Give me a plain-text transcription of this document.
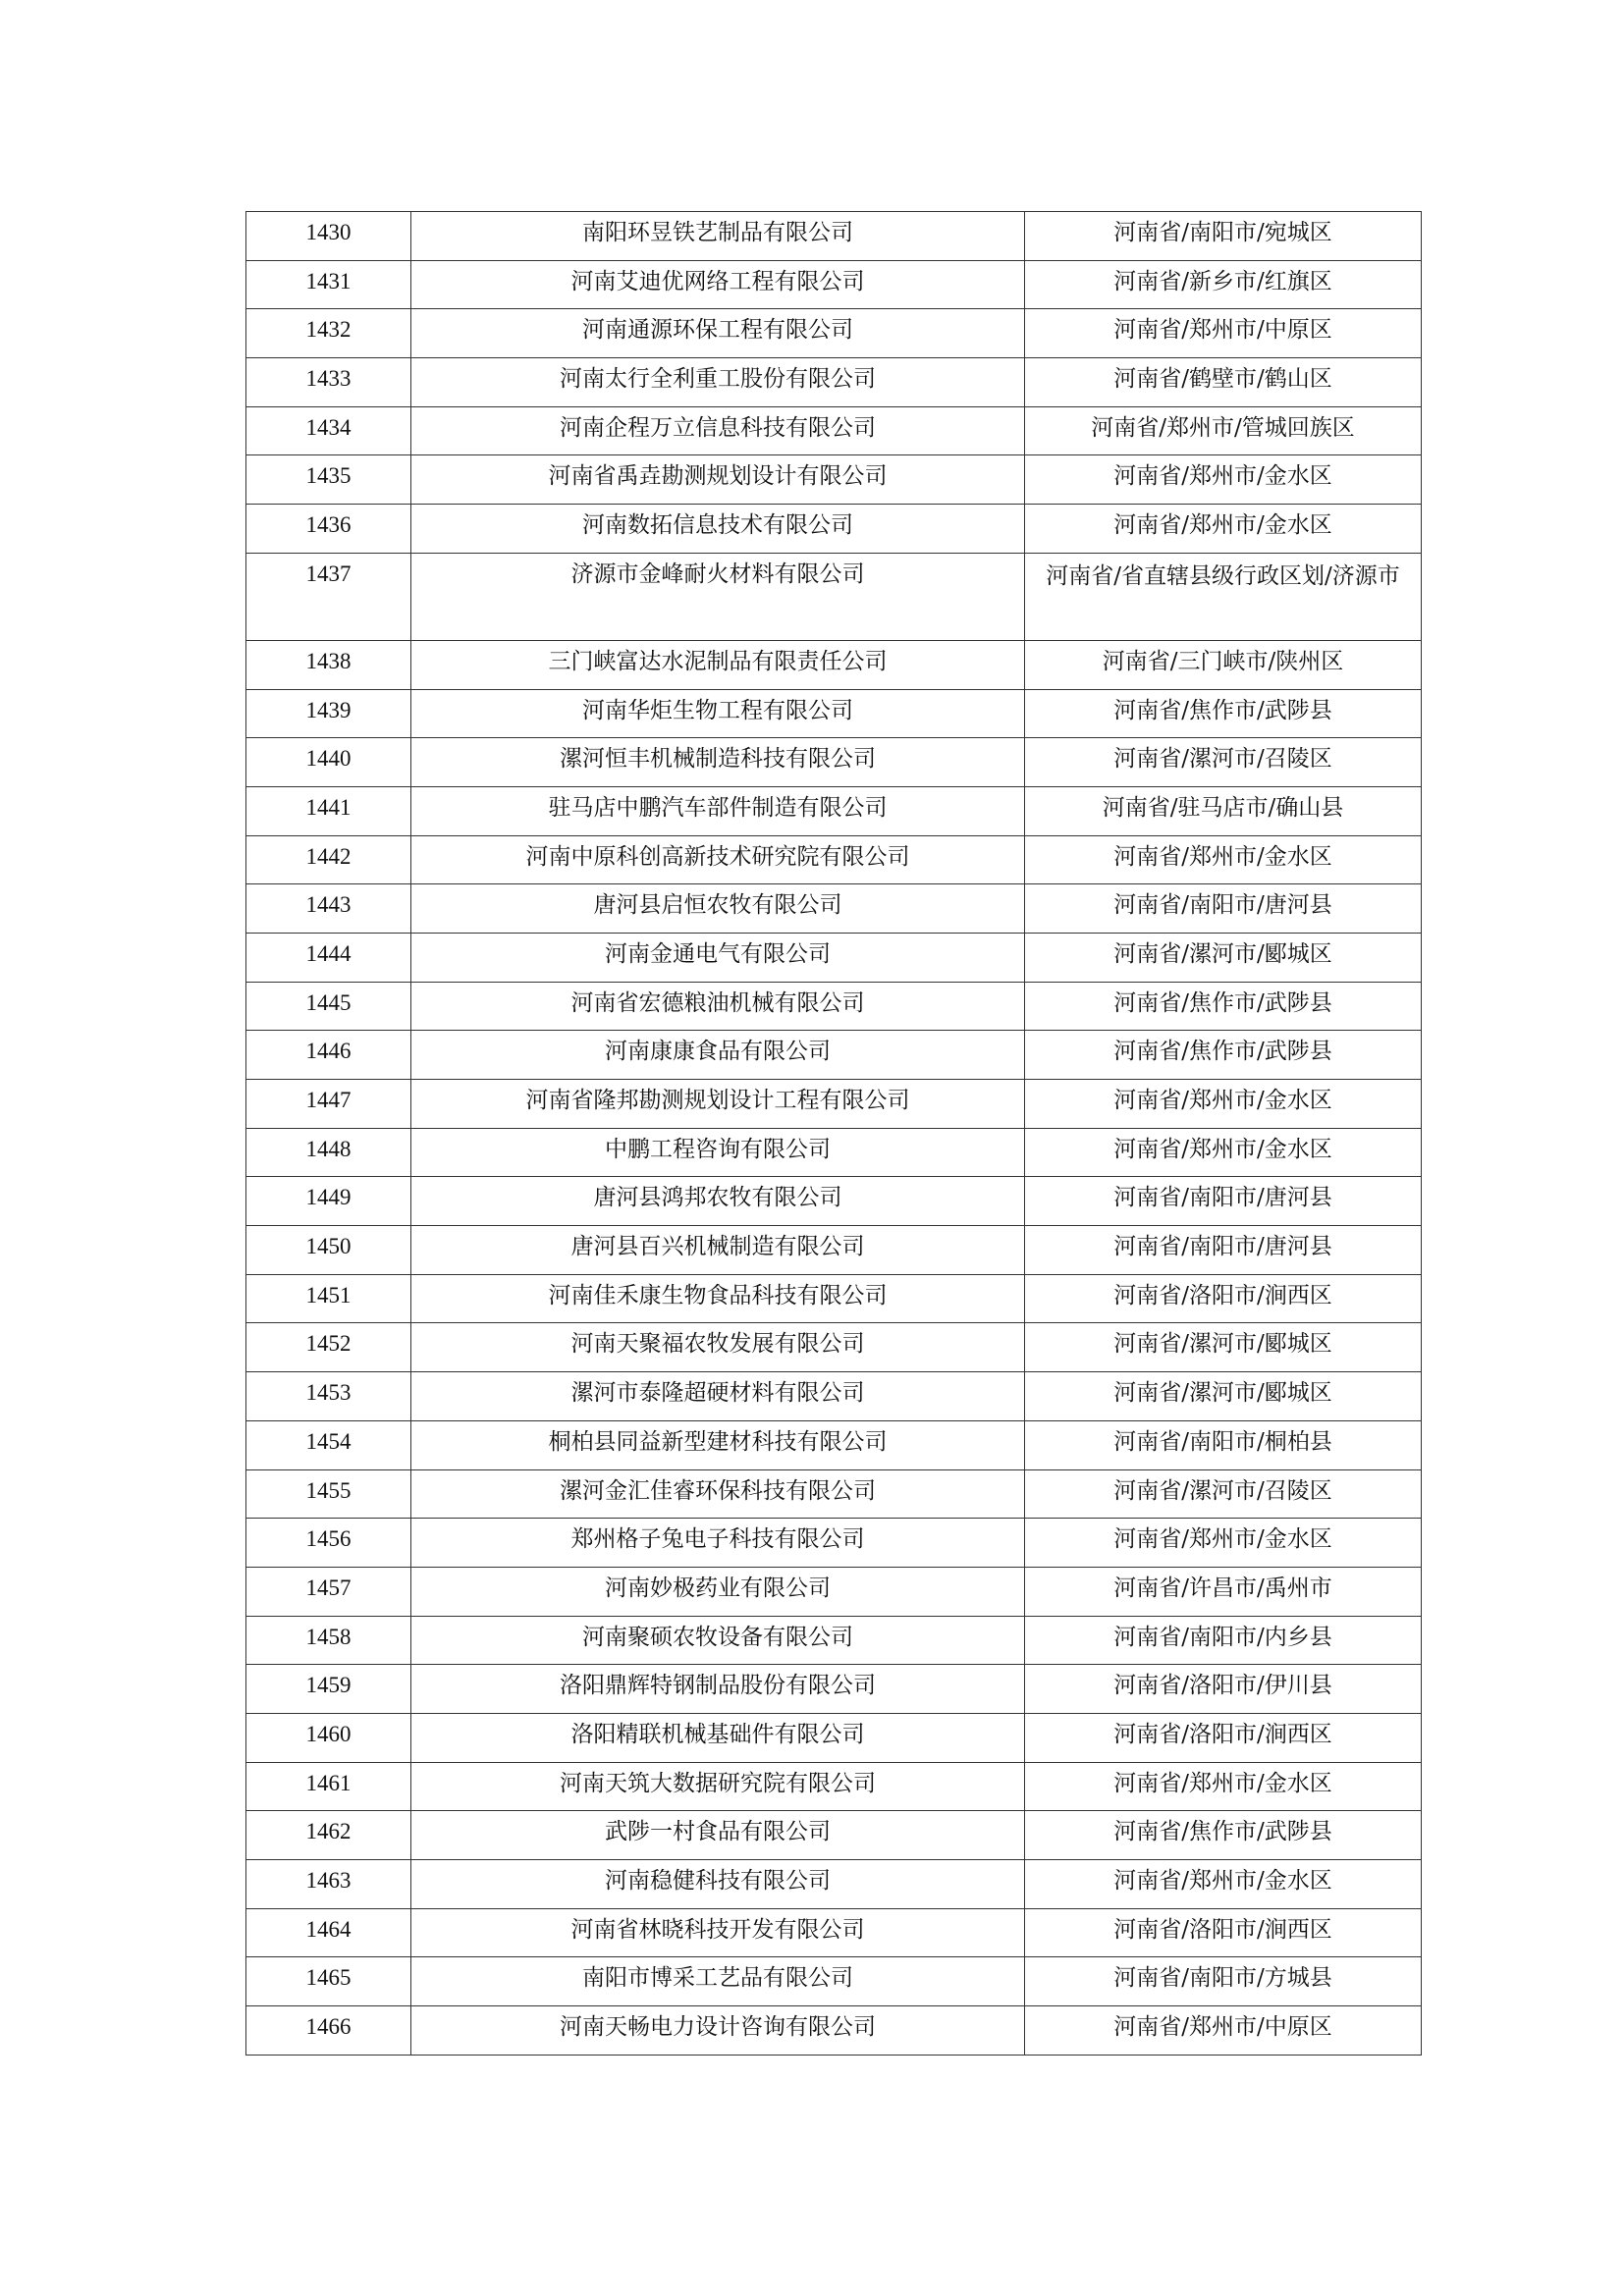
1430	南阳环昱铁艺制品有限公司	河南省/南阳市/宛城区
1431	河南艾迪优网络工程有限公司	河南省/新乡市/红旗区
1432	河南通源环保工程有限公司	河南省/郑州市/中原区
1433	河南太行全利重工股份有限公司	河南省/鹤壁市/鹤山区
1434	河南企程万立信息科技有限公司	河南省/郑州市/管城回族区
1435	河南省禹垚勘测规划设计有限公司	河南省/郑州市/金水区
1436	河南数拓信息技术有限公司	河南省/郑州市/金水区
1437	济源市金峰耐火材料有限公司	河南省/省直辖县级行政区划/济源市
1438	三门峡富达水泥制品有限责任公司	河南省/三门峡市/陕州区
1439	河南华炬生物工程有限公司	河南省/焦作市/武陟县
1440	漯河恒丰机械制造科技有限公司	河南省/漯河市/召陵区
1441	驻马店中鹏汽车部件制造有限公司	河南省/驻马店市/确山县
1442	河南中原科创高新技术研究院有限公司	河南省/郑州市/金水区
1443	唐河县启恒农牧有限公司	河南省/南阳市/唐河县
1444	河南金通电气有限公司	河南省/漯河市/郾城区
1445	河南省宏德粮油机械有限公司	河南省/焦作市/武陟县
1446	河南康康食品有限公司	河南省/焦作市/武陟县
1447	河南省隆邦勘测规划设计工程有限公司	河南省/郑州市/金水区
1448	中鹏工程咨询有限公司	河南省/郑州市/金水区
1449	唐河县鸿邦农牧有限公司	河南省/南阳市/唐河县
1450	唐河县百兴机械制造有限公司	河南省/南阳市/唐河县
1451	河南佳禾康生物食品科技有限公司	河南省/洛阳市/涧西区
1452	河南天聚福农牧发展有限公司	河南省/漯河市/郾城区
1453	漯河市泰隆超硬材料有限公司	河南省/漯河市/郾城区
1454	桐柏县同益新型建材科技有限公司	河南省/南阳市/桐柏县
1455	漯河金汇佳睿环保科技有限公司	河南省/漯河市/召陵区
1456	郑州格子兔电子科技有限公司	河南省/郑州市/金水区
1457	河南妙极药业有限公司	河南省/许昌市/禹州市
1458	河南聚硕农牧设备有限公司	河南省/南阳市/内乡县
1459	洛阳鼎辉特钢制品股份有限公司	河南省/洛阳市/伊川县
1460	洛阳精联机械基础件有限公司	河南省/洛阳市/涧西区
1461	河南天筑大数据研究院有限公司	河南省/郑州市/金水区
1462	武陟一村食品有限公司	河南省/焦作市/武陟县
1463	河南稳健科技有限公司	河南省/郑州市/金水区
1464	河南省林晓科技开发有限公司	河南省/洛阳市/涧西区
1465	南阳市博采工艺品有限公司	河南省/南阳市/方城县
1466	河南天畅电力设计咨询有限公司	河南省/郑州市/中原区
